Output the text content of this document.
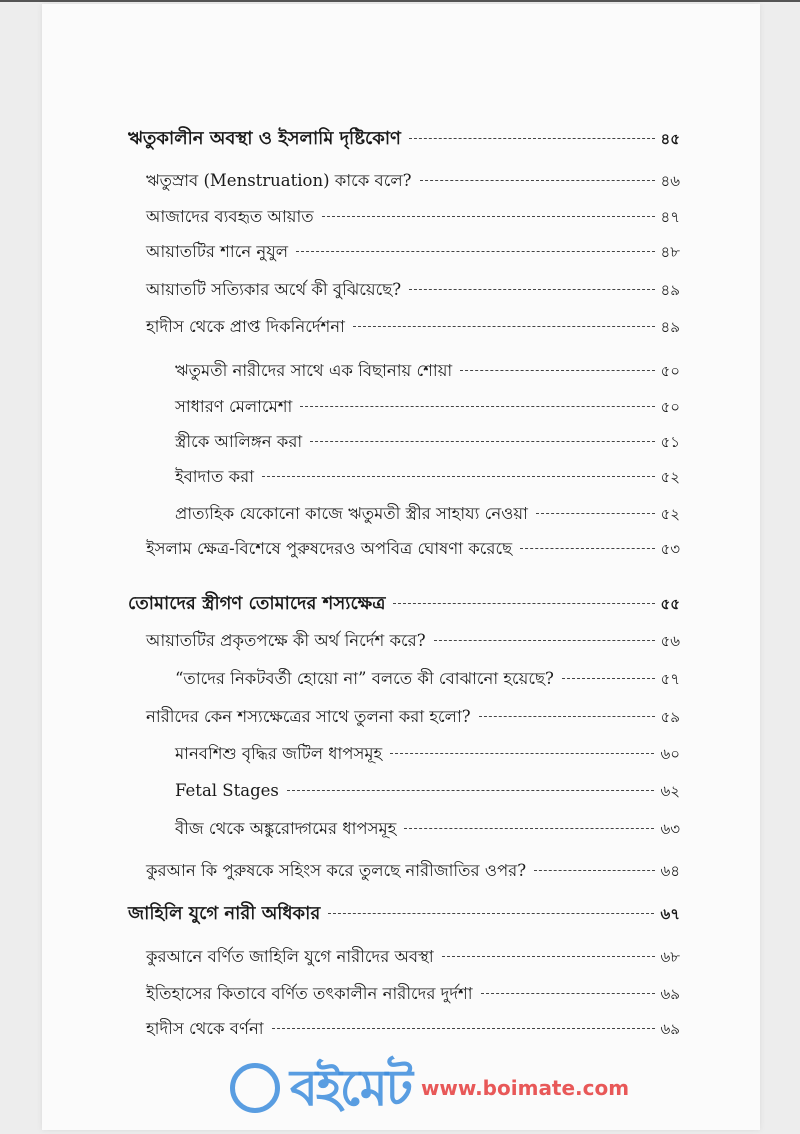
ঋতুকালীন অবস্থা ও ইসলামি দৃষ্টিকোণ	৪৫
ঋতুস্রাব (Menstruation) কাকে বলে?	৪৬
আজাদের ব্যবহৃত আয়াত	৪৭
আয়াতটির শানে নুযুল	৪৮
আয়াতটি সত্যিকার অর্থে কী বুঝিয়েছে?	৪৯
হাদীস থেকে প্রাপ্ত দিকনির্দেশনা	৪৯
ঋতুমতী নারীদের সাথে এক বিছানায় শোয়া	৫০
সাধারণ মেলামেশা	৫০
স্ত্রীকে আলিঙ্গন করা	৫১
ইবাদাত করা	৫২
প্রাত্যহিক যেকোনো কাজে ঋতুমতী স্ত্রীর সাহায্য নেওয়া	৫২
ইসলাম ক্ষেত্র-বিশেষে পুরুষদেরও অপবিত্র ঘোষণা করেছে	৫৩
তোমাদের স্ত্রীগণ তোমাদের শস্যক্ষেত্র	৫৫
আয়াতটির প্রকৃতপক্ষে কী অর্থ নির্দেশ করে?	৫৬
“তাদের নিকটবর্তী হোয়ো না” বলতে কী বোঝানো হয়েছে?	৫৭
নারীদের কেন শস্যক্ষেত্রের সাথে তুলনা করা হলো?	৫৯
মানবশিশু বৃদ্ধির জটিল ধাপসমূহ	৬০
Fetal Stages	৬২
বীজ থেকে অঙ্কুরোদ্গমের ধাপসমূহ	৬৩
কুরআন কি পুরুষকে সহিংস করে তুলছে নারীজাতির ওপর?	৬৪
জাহিলি যুগে নারী অধিকার	৬৭
কুরআনে বর্ণিত জাহিলি যুগে নারীদের অবস্থা	৬৮
ইতিহাসের কিতাবে বর্ণিত তৎকালীন নারীদের দুর্দশা	৬৯
হাদীস থেকে বর্ণনা	৬৯
বইমেট www.boimate.com
